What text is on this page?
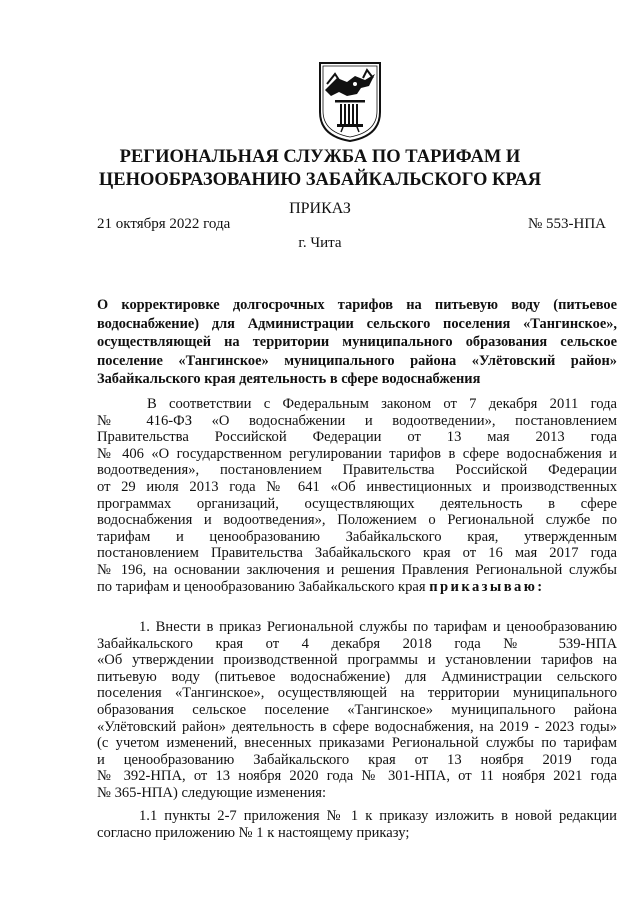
РЕГИОНАЛЬНАЯ СЛУЖБА ПО ТАРИФАМ И
ЦЕНООБРАЗОВАНИЮ ЗАБАЙКАЛЬСКОГО КРАЯ
ПРИКАЗ
21 октября 2022 года	№ 553-НПА
г. Чита
О корректировке долгосрочных тарифов на питьевую воду (питьевое
водоснабжение) для Администрации сельского поселения «Тангинское»,
осуществляющей на территории муниципального образования сельское
поселение «Тангинское» муниципального района «Улётовский район»
Забайкальского края деятельность в сфере водоснабжения
В соответствии с Федеральным законом от 7 декабря 2011 года
№ 416-ФЗ «О водоснабжении и водоотведении», постановлением
Правительства Российской Федерации от 13 мая 2013 года
№ 406 «О государственном регулировании тарифов в сфере водоснабжения и
водоотведения», постановлением Правительства Российской Федерации
от 29 июля 2013 года № 641 «Об инвестиционных и производственных
программах организаций, осуществляющих деятельность в сфере
водоснабжения и водоотведения», Положением о Региональной службе по
тарифам и ценообразованию Забайкальского края, утвержденным
постановлением Правительства Забайкальского края от 16 мая 2017 года
№ 196, на основании заключения и решения Правления Региональной службы
по тарифам и ценообразованию Забайкальского края приказываю:
1. Внести в приказ Региональной службы по тарифам и ценообразованию
Забайкальского края от 4 декабря 2018 года № 539-НПА
«Об утверждении производственной программы и установлении тарифов на
питьевую воду (питьевое водоснабжение) для Администрации сельского
поселения «Тангинское», осуществляющей на территории муниципального
образования сельское поселение «Тангинское» муниципального района
«Улётовский район» деятельность в сфере водоснабжения, на 2019 - 2023 годы»
(с учетом изменений, внесенных приказами Региональной службы по тарифам
и ценообразованию Забайкальского края от 13 ноября 2019 года
№ 392-НПА, от 13 ноября 2020 года № 301-НПА, от 11 ноября 2021 года
№ 365-НПА) следующие изменения:
1.1 пункты 2-7 приложения № 1 к приказу изложить в новой редакции
согласно приложению № 1 к настоящему приказу;
